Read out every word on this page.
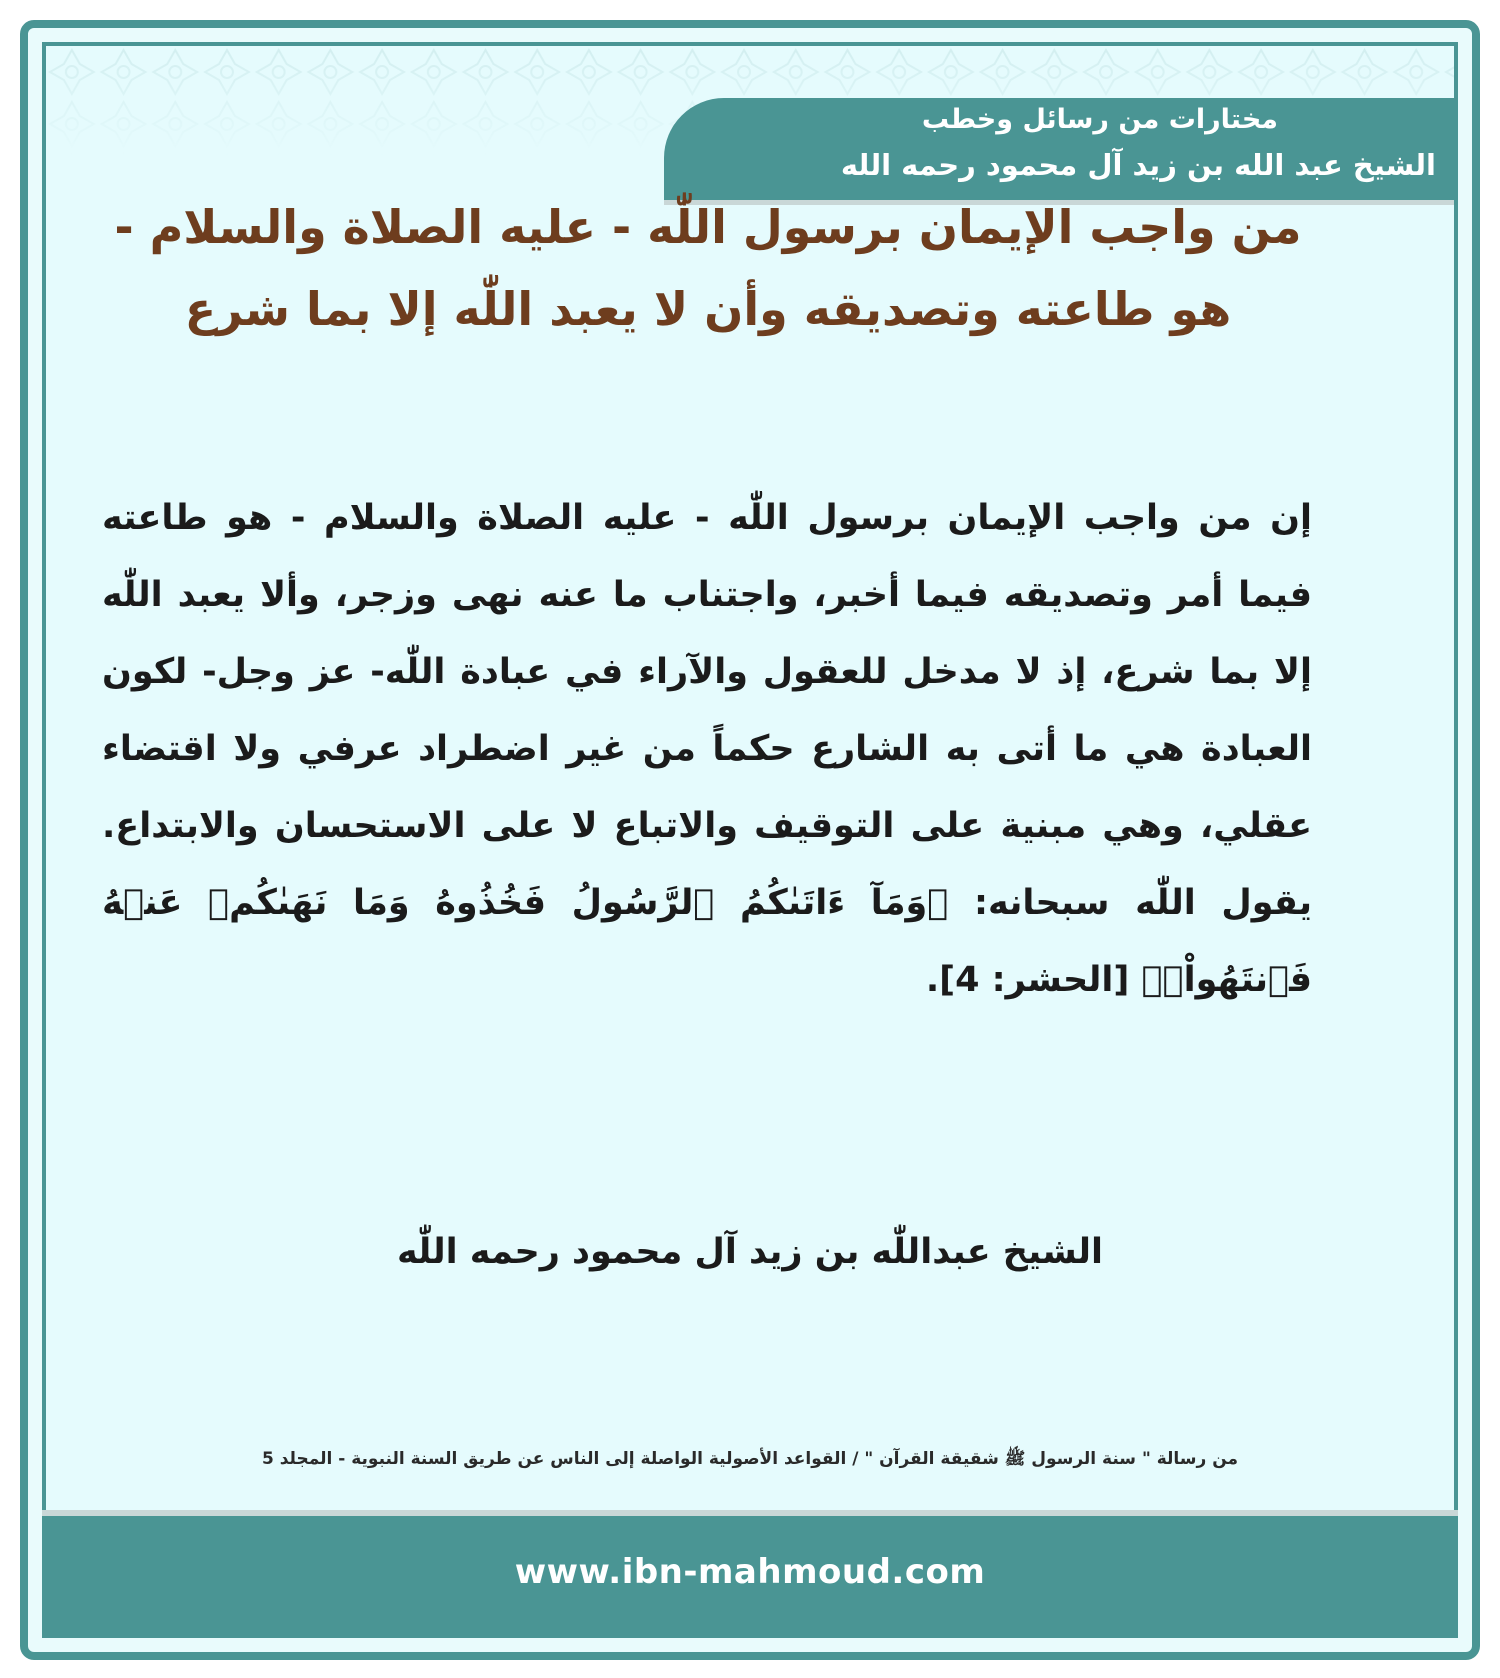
مختارات من رسائل وخطب
الشيخ عبد الله بن زيد آل محمود رحمه الله
من واجب الإيمان برسول اللّٰه - عليه الصلاة والسلام - هو طاعته وتصديقه وأن لا يعبد اللّٰه إلا بما شرع
إن من واجب الإيمان برسول اللّٰه - عليه الصلاة والسلام - هو طاعته فيما أمر وتصديقه فيما أخبر، واجتناب ما عنه نهى وزجر، وألا يعبد اللّٰه إلا بما شرع، إذ لا مدخل للعقول والآراء في عبادة اللّٰه- عز وجل- لكون العبادة هي ما أتى به الشارع حكماً من غير اضطراد عرفي ولا اقتضاء عقلي، وهي مبنية على التوقيف والاتباع لا على الاستحسان والابتداع. يقول اللّٰه سبحانه: ﴿وَمَآ ءَاتَىٰكُمُ ٱلرَّسُولُ فَخُذُوهُ وَمَا نَهَىٰكُمۡ عَنۡهُ فَٱنتَهُواْۚ﴾ [الحشر: 4].
الشيخ عبداللّٰه بن زيد آل محمود رحمه اللّٰه
من رسالة " سنة الرسول ﷺ شقيقة القرآن " / القواعد الأصولية الواصلة إلى الناس عن طريق السنة النبوية - المجلد 5
www.ibn-mahmoud.com
